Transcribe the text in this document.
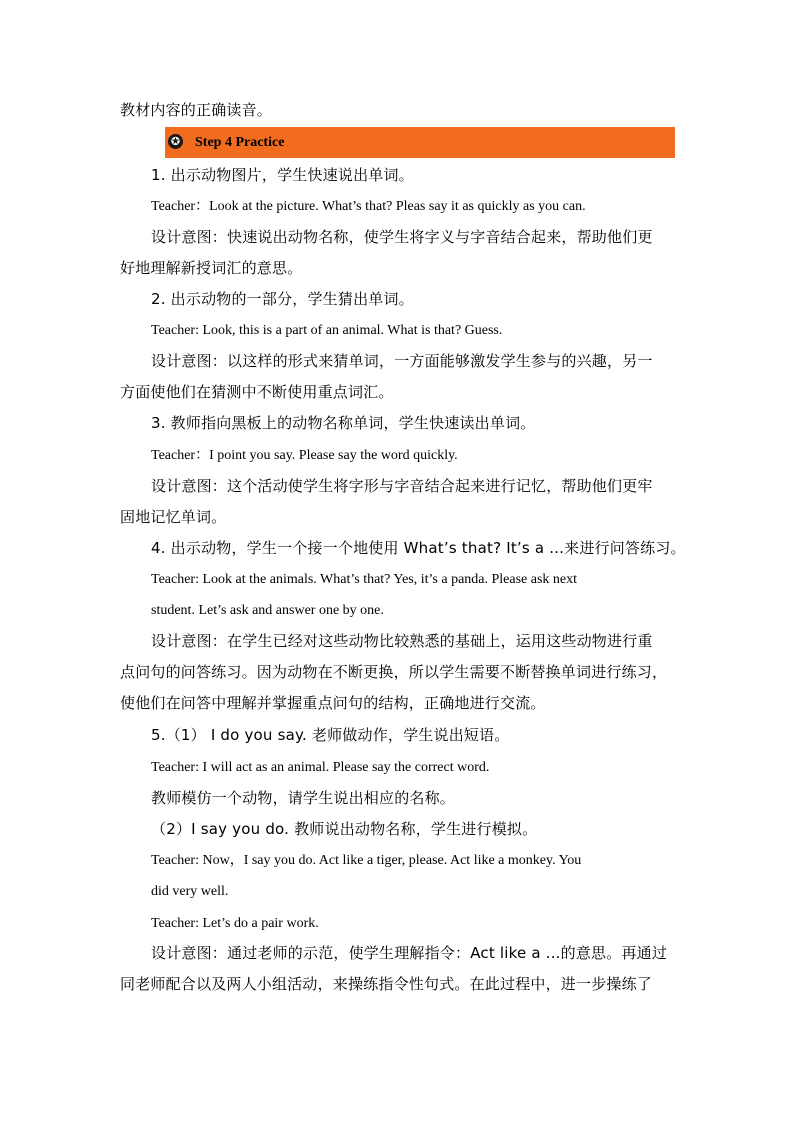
教材内容的正确读音。
✪ Step 4 Practice
1. 出示动物图片，学生快速说出单词。
Teacher：Look at the picture. What’s that? Pleas say it as quickly as you can.
设计意图：快速说出动物名称，使学生将字义与字音结合起来，帮助他们更
好地理解新授词汇的意思。
2. 出示动物的一部分，学生猜出单词。
Teacher: Look, this is a part of an animal. What is that? Guess.
设计意图：以这样的形式来猜单词，一方面能够激发学生参与的兴趣，另一
方面使他们在猜测中不断使用重点词汇。
3. 教师指向黑板上的动物名称单词，学生快速读出单词。
Teacher：I point you say. Please say the word quickly.
设计意图：这个活动使学生将字形与字音结合起来进行记忆，帮助他们更牢
固地记忆单词。
4. 出示动物，学生一个接一个地使用 What’s that? It’s a ...来进行问答练习。
Teacher: Look at the animals. What’s that? Yes, it’s a panda. Please ask next
student. Let’s ask and answer one by one.
设计意图：在学生已经对这些动物比较熟悉的基础上，运用这些动物进行重
点问句的问答练习。因为动物在不断更换，所以学生需要不断替换单词进行练习，
使他们在问答中理解并掌握重点问句的结构，正确地进行交流。
5.（1） I do you say. 老师做动作，学生说出短语。
Teacher: I will act as an animal. Please say the correct word.
教师模仿一个动物，请学生说出相应的名称。
（2）I say you do. 教师说出动物名称，学生进行模拟。
Teacher: Now，I say you do. Act like a tiger, please. Act like a monkey. You
did very well.
Teacher: Let’s do a pair work.
设计意图：通过老师的示范，使学生理解指令：Act like a ...的意思。再通过
同老师配合以及两人小组活动，来操练指令性句式。在此过程中，进一步操练了
